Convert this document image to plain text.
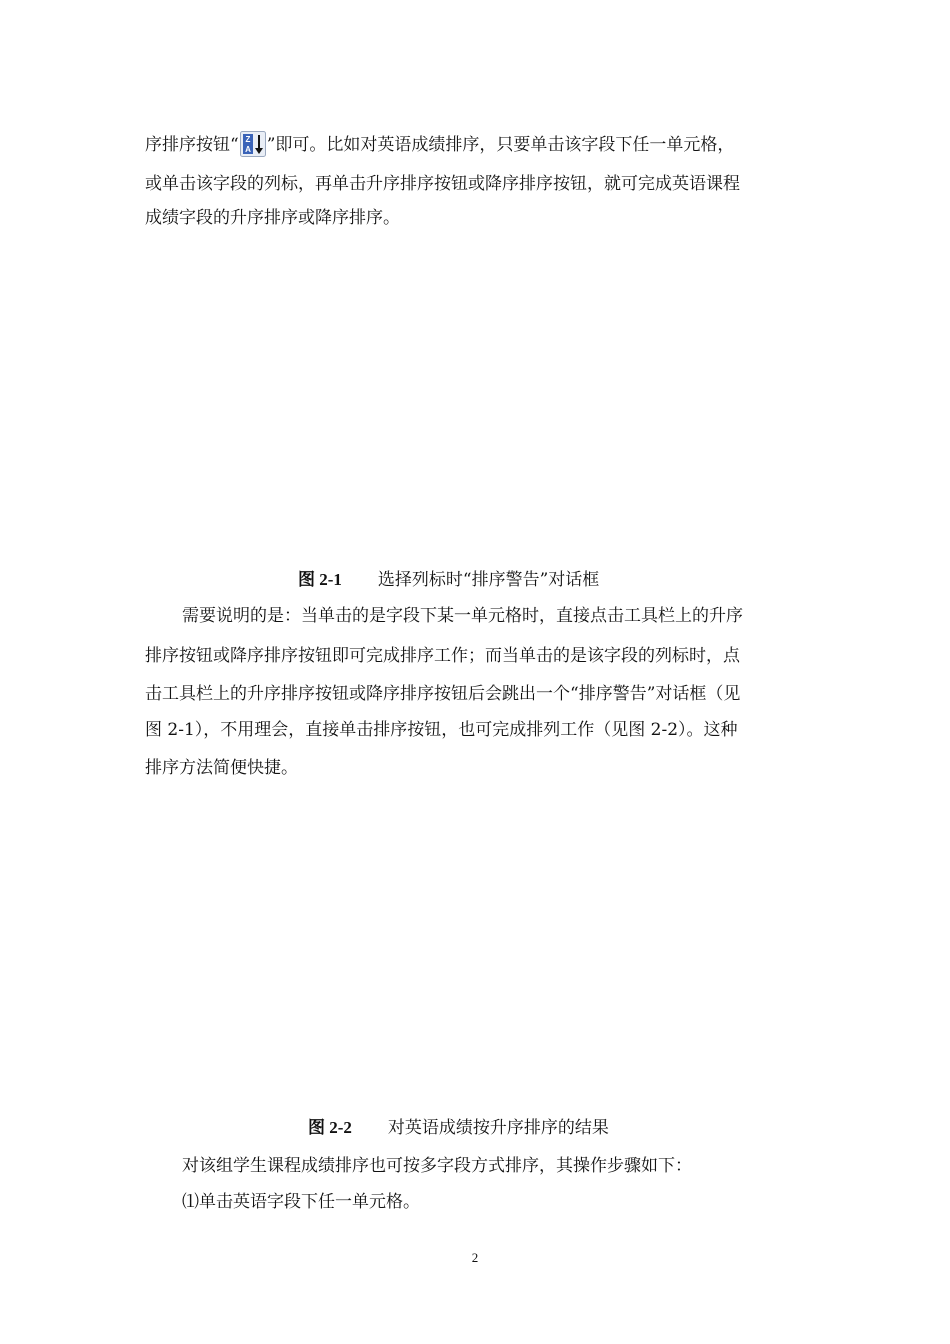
序排序按钮“ Z
A ”即可。比如对英语成绩排序，只要单击该字段下任一单元格，
或单击该字段的列标，再单击升序排序按钮或降序排序按钮，就可完成英语课程
成绩字段的升序排序或降序排序。
图 2-1 选择列标时“排序警告”对话框
需要说明的是：当单击的是字段下某一单元格时，直接点击工具栏上的升序
排序按钮或降序排序按钮即可完成排序工作；而当单击的是该字段的列标时，点
击工具栏上的升序排序按钮或降序排序按钮后会跳出一个“排序警告”对话框（见
图 2-1），不用理会，直接单击排序按钮，也可完成排列工作（见图 2-2）。这种
排序方法简便快捷。
图 2-2 对英语成绩按升序排序的结果
对该组学生课程成绩排序也可按多字段方式排序，其操作步骤如下：
⑴单击英语字段下任一单元格。
2
